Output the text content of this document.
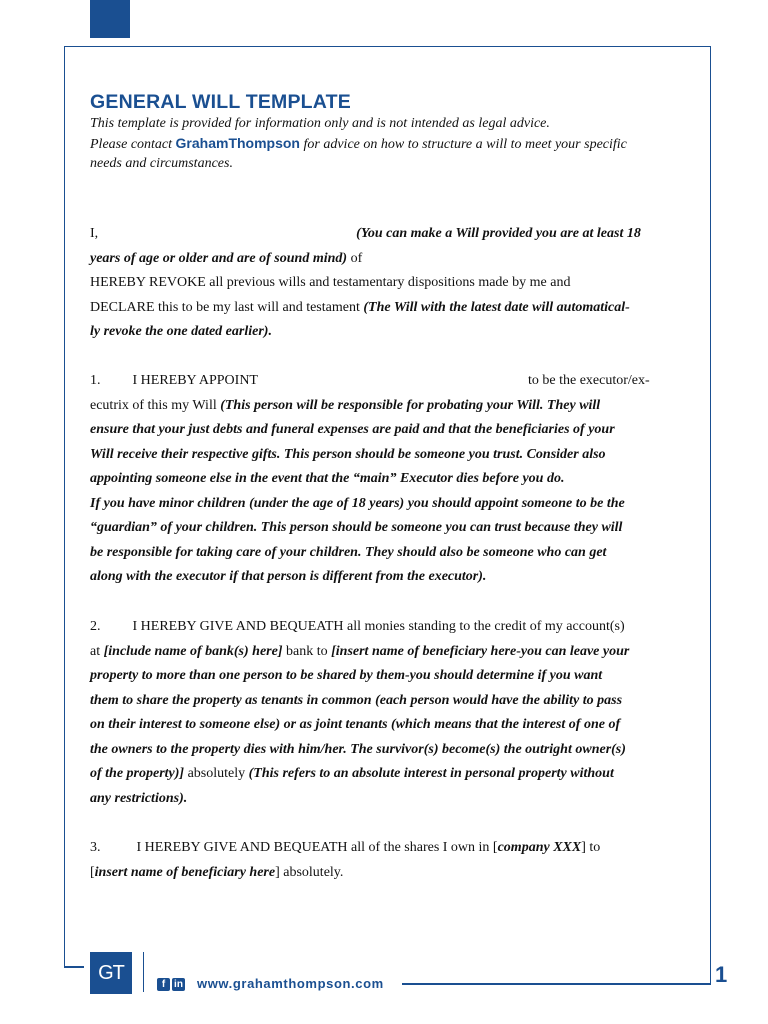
GENERAL WILL TEMPLATE

This template is provided for information only and is not intended as legal advice.

Please contact GrahamThompson for advice on how to structure a will to meet your specific

needs and circumstances.

I,	(You can make a Will provided you are at least 18

years of age or older and are of sound mind) of

HEREBY REVOKE all previous wills and testamentary dispositions made by me and

DECLARE this to be my last will and testament (The Will with the latest date will automatical-

ly revoke the one dated earlier).

1. I HEREBY APPOINT	to be the executor/ex-

ecutrix of this my Will (This person will be responsible for probating your Will. They will

ensure that your just debts and funeral expenses are paid and that the beneficiaries of your

Will receive their respective gifts. This person should be someone you trust. Consider also

appointing someone else in the event that the “main” Executor dies before you do.

If you have minor children (under the age of 18 years) you should appoint someone to be the

“guardian” of your children. This person should be someone you can trust because they will

be responsible for taking care of your children. They should also be someone who can get

along with the executor if that person is different from the executor).

2. I HEREBY GIVE AND BEQUEATH all monies standing to the credit of my account(s)

at [include name of bank(s) here] bank to [insert name of beneficiary here-you can leave your

property to more than one person to be shared by them-you should determine if you want

them to share the property as tenants in common (each person would have the ability to pass

on their interest to someone else) or as joint tenants (which means that the interest of one of

the owners to the property dies with him/her. The survivor(s) become(s) the outright owner(s)

of the property)] absolutely (This refers to an absolute interest in personal property without

any restrictions).

3.	I HEREBY GIVE AND BEQUEATH all of the shares I own in [company XXX] to

[insert name of beneficiary here] absolutely.

GT
f in www.grahamthompson.com	1
